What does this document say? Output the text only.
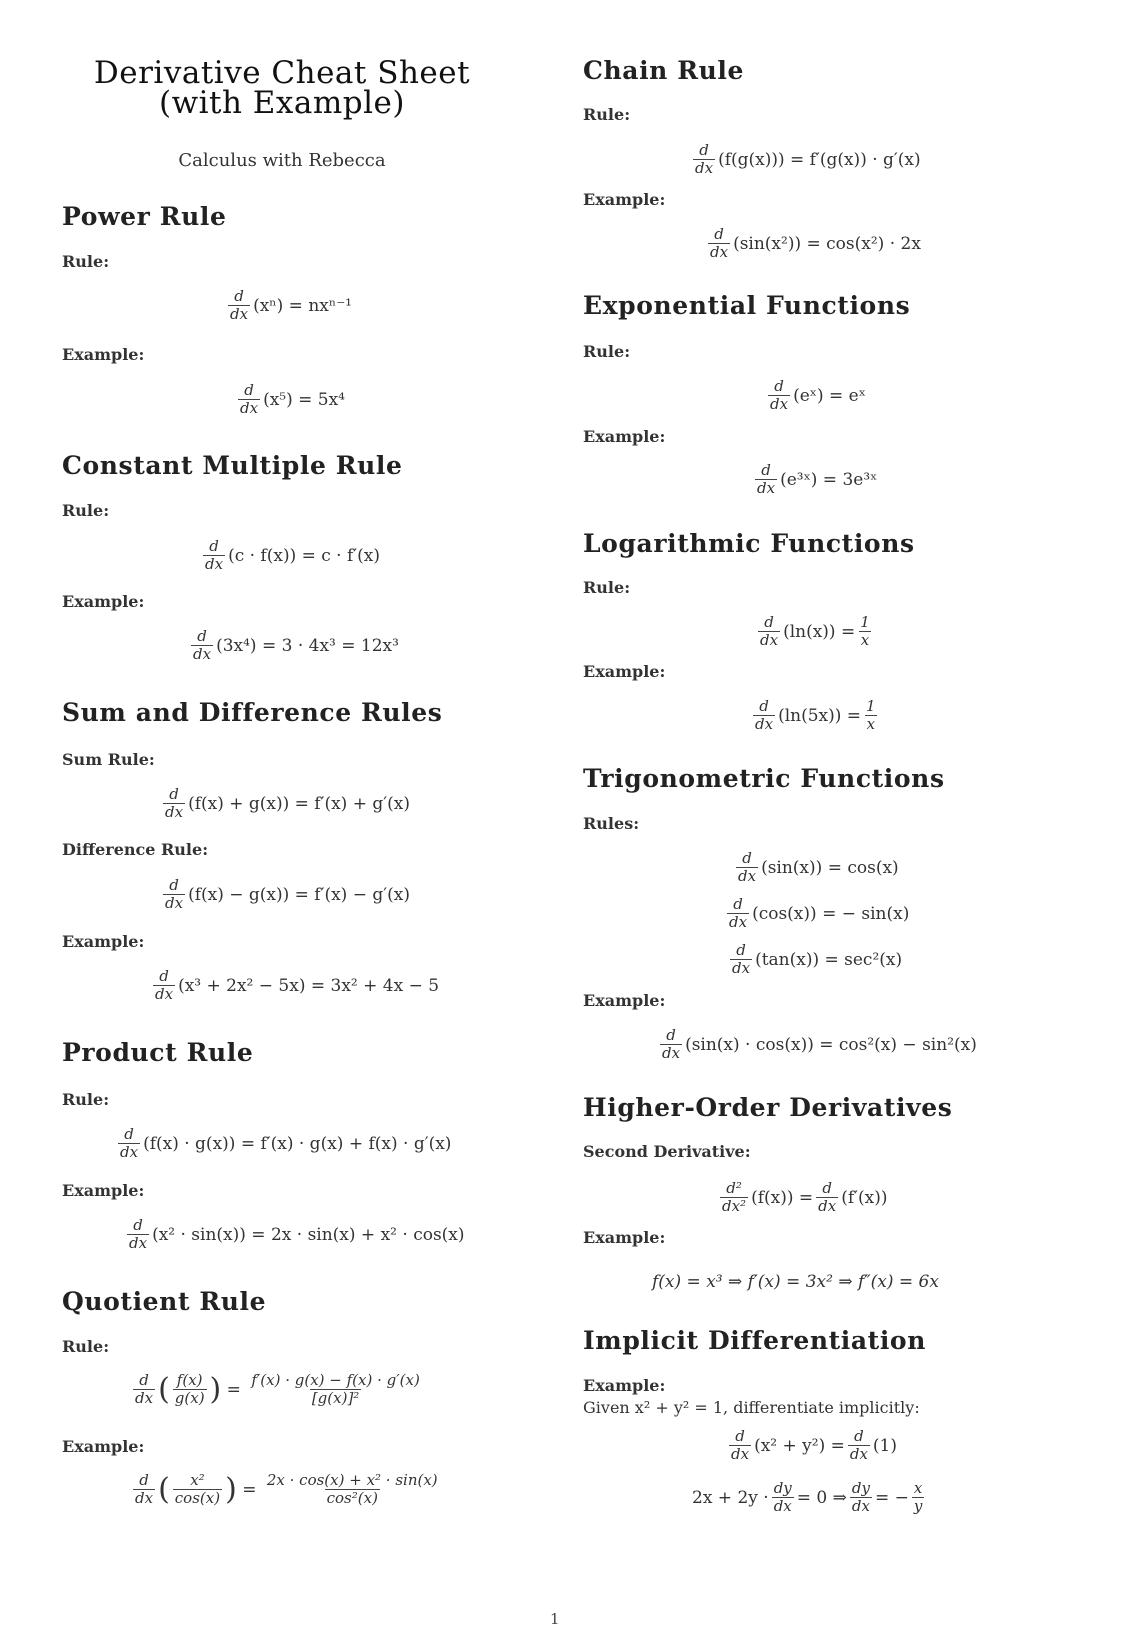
Derivative Cheat Sheet
(with Example)
Calculus with Rebecca
Power Rule
Rule:
$\frac{d}{dx} (x^n) = nx^{n-1}$
Example:
$\frac{d}{dx} (x^5) = 5x^4$
Constant Multiple Rule
Rule:
$\frac{d}{dx} (c \cdot f(x)) = c \cdot f'(x)$
Example:
$\frac{d}{dx} (3x^4) = 3 \cdot 4x^3 = 12x^3$
Sum and Difference Rules
Sum Rule:
$\frac{d}{dx} (f(x) + g(x)) = f'(x) + g'(x)$
Difference Rule:
$\frac{d}{dx} (f(x) - g(x)) = f'(x) - g'(x)$
Example:
$\frac{d}{dx} (x^3 + 2x^2 - 5x) = 3x^2 + 4x - 5$
Product Rule
Rule:
$\frac{d}{dx} (f(x) \cdot g(x)) = f'(x) \cdot g(x) + f(x) \cdot g'(x)$
Example:
$\frac{d}{dx} (x^2 \cdot \sin(x)) = 2x \cdot \sin(x) + x^2 \cdot \cos(x)$
Quotient Rule
Rule:
$\frac{d}{dx}$ ( $\frac{f(x)}{g(x)}$ ) = $\frac{f'(x) \cdot g(x) - f(x) \cdot g'(x)}{\text{[g(x)]²}}$
Example:
$\frac{d}{dx}$ ( $\frac{\text{x²}}{\cos(x)}$ ) = $\frac{\text{2x · cos(x) + x² · sin(x)}}{\text{cos²(x)}}$
Chain Rule
Rule:
$\frac{d}{dx} (f(g(x))) = f'(g(x)) \cdot g'(x)$
Example:
$\frac{d}{dx} (\sin(x^2)) = \cos(x^2) \cdot 2x$
Exponential Functions
Rule:
$\frac{d}{dx}$ (eˣ) = eˣ
Example:
$\frac{d}{dx}$ (e³ˣ) = 3e³ˣ
Logarithmic Functions
Rule:
$\frac{d}{dx} (\ln(x)) = \frac{1}{x}$
Example:
$\frac{d}{dx} (\ln(5x)) = \frac{1}{x}$
Trigonometric Functions
Rules:
$\frac{d}{dx} (\sin(x)) = \cos(x)$
$\frac{d}{dx} (\cos(x))$ = − sin(x)
$\frac{d}{dx} (\tan(x)) = \sec^2(x)$
Example:
$\frac{d}{dx} (\sin(x) \cdot \cos(x)) = \cos^2(x) - \sin^2(x)$
Higher-Order Derivatives
Second Derivative:
$\frac{\text{d²}}{\text{dx²}} (f(x)) = \frac{d}{dx} (f'(x))$
Example:
f(x) = x³ ⇒ f′(x) = 3x² ⇒ f″(x) = 6x
Implicit Differentiation
Example:
Given x² + y² = 1, differentiate implicitly:
$\frac{d}{dx} (x^2 + y^2) = \frac{d}{dx} (1)$
$2x + 2y \cdot \frac{dy}{dx} = 0$ ⇒ $\frac{dy}{dx}$ = − $\frac{x}{y}$
1
